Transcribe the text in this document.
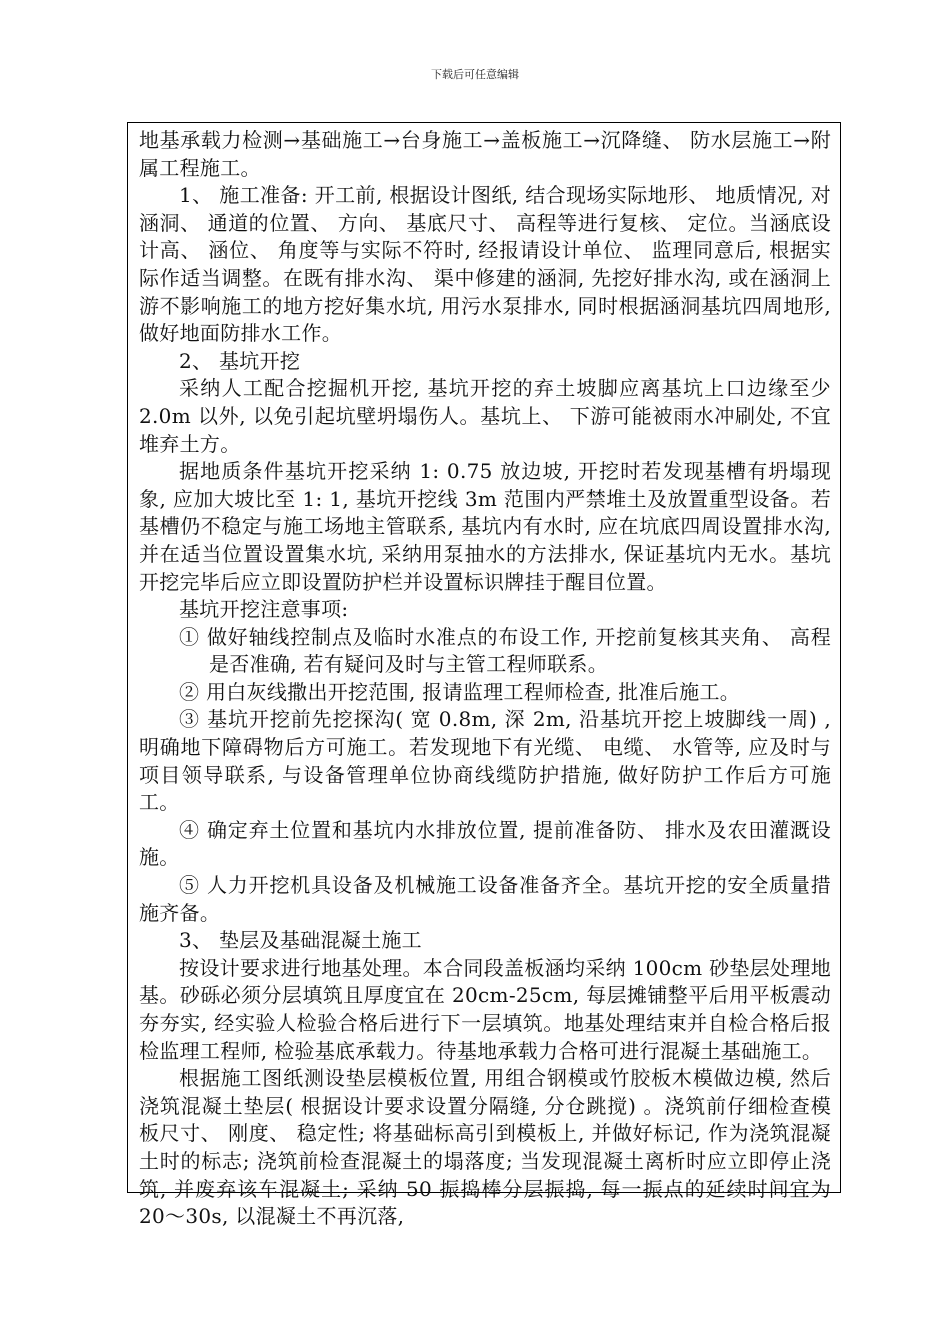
下载后可任意编辑

地基承载力检测→基础施工→台身施工→盖板施工→沉降缝、 防水层施工→附属工程施工。

1、 施工准备: 开工前, 根据设计图纸, 结合现场实际地形、 地质情况, 对涵洞、 通道的位置、 方向、 基底尺寸、 高程等进行复核、 定位。当涵底设计高、 涵位、 角度等与实际不符时, 经报请设计单位、 监理同意后, 根据实际作适当调整。在既有排水沟、 渠中修建的涵洞, 先挖好排水沟, 或在涵洞上游不影响施工的地方挖好集水坑, 用污水泵排水, 同时根据涵洞基坑四周地形, 做好地面防排水工作。

2、 基坑开挖

采纳人工配合挖掘机开挖, 基坑开挖的弃土坡脚应离基坑上口边缘至少 2.0m 以外, 以免引起坑壁坍塌伤人。基坑上、 下游可能被雨水冲刷处, 不宜堆弃土方。

据地质条件基坑开挖采纳 1: 0.75 放边坡, 开挖时若发现基槽有坍塌现象, 应加大坡比至 1: 1, 基坑开挖线 3m 范围内严禁堆土及放置重型设备。若基槽仍不稳定与施工场地主管联系, 基坑内有水时, 应在坑底四周设置排水沟, 并在适当位置设置集水坑, 采纳用泵抽水的方法排水, 保证基坑内无水。基坑开挖完毕后应立即设置防护栏并设置标识牌挂于醒目位置。

基坑开挖注意事项:

① 做好轴线控制点及临时水准点的布设工作, 开挖前复核其夹角、 高程是否准确, 若有疑问及时与主管工程师联系。

② 用白灰线撒出开挖范围, 报请监理工程师检查, 批准后施工。

③ 基坑开挖前先挖探沟( 宽 0.8m, 深 2m, 沿基坑开挖上坡脚线一周) , 明确地下障碍物后方可施工。若发现地下有光缆、 电缆、 水管等, 应及时与项目领导联系, 与设备管理单位协商线缆防护措施, 做好防护工作后方可施工。

④ 确定弃土位置和基坑内水排放位置, 提前准备防、 排水及农田灌溉设施。

⑤ 人力开挖机具设备及机械施工设备准备齐全。基坑开挖的安全质量措施齐备。

3、 垫层及基础混凝土施工

按设计要求进行地基处理。本合同段盖板涵均采纳 100cm 砂垫层处理地基。砂砾必须分层填筑且厚度宜在 20cm-25cm, 每层摊铺整平后用平板震动夯夯实, 经实验人检验合格后进行下一层填筑。地基处理结束并自检合格后报检监理工程师, 检验基底承载力。待基地承载力合格可进行混凝土基础施工。

根据施工图纸测设垫层模板位置, 用组合钢模或竹胶板木模做边模, 然后浇筑混凝土垫层( 根据设计要求设置分隔缝, 分仓跳搅) 。浇筑前仔细检查模板尺寸、 刚度、 稳定性; 将基础标高引到模板上, 并做好标记, 作为浇筑混凝土时的标志; 浇筑前检查混凝土的塌落度; 当发现混凝土离析时应立即停止浇筑, 并废弃该车混凝土; 采纳 50 振捣棒分层振捣, 每一振点的延续时间宜为 20～30s, 以混凝土不再沉落,
